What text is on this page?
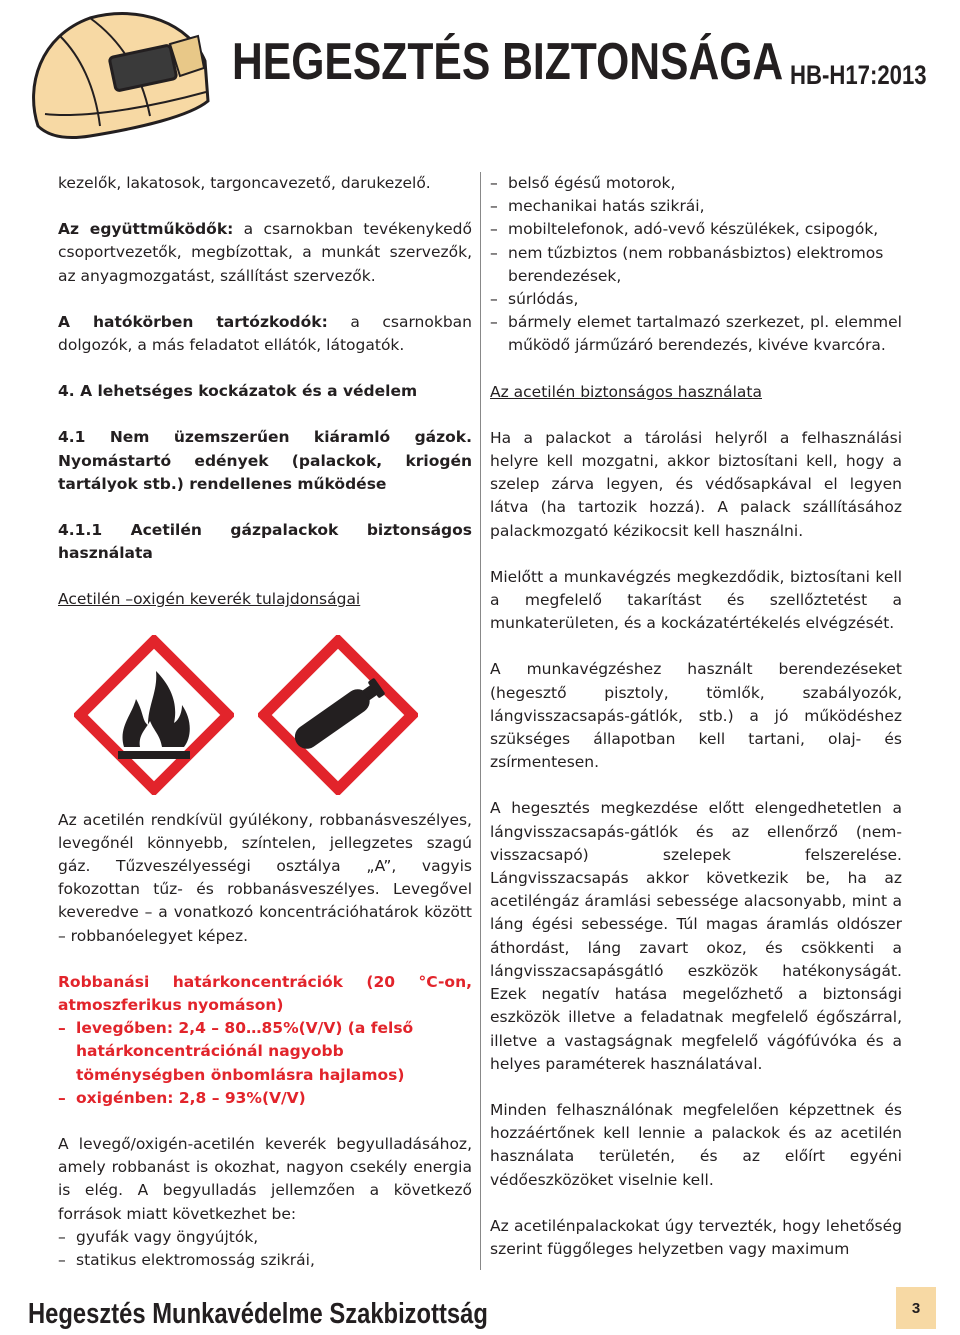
HEGESZTÉS BIZTONSÁGA HB-H17:2013

kezelők, lakatosok, targoncavezető, darukezelő.

Az együttműködők: a csarnokban tevékenykedő csoportvezetők, megbízottak, a munkát szervezők, az anyagmozgatást, szállítást szervezők.

A hatókörben tartózkodók: a csarnokban dolgozók, a más feladatot ellátók, látogatók.

4. A lehetséges kockázatok és a védelem

4.1 Nem üzemszerűen kiáramló gázok. Nyomástartó edények (palackok, kriogén tartályok stb.) rendellenes működése

4.1.1 Acetilén gázpalackok biztonságos használata

Acetilén –oxigén keverék tulajdonságai

Az acetilén rendkívül gyúlékony, robbanásveszélyes, levegőnél könnyebb, színtelen, jellegzetes szagú gáz. Tűzveszélyességi osztálya „A”, vagyis fokozottan tűz- és robbanásveszélyes. Levegővel keveredve – a vonatkozó koncentrációhatárok között – robbanóelegyet képez.

Robbanási határkoncentrációk (20 °C-on, atmoszferikus nyomáson)

– levegőben: 2,4 – 80…85%(V/V) (a felső határkoncentrációnál nagyobb töménységben önbomlásra hajlamos)
– oxigénben: 2,8 – 93%(V/V)

A levegő/oxigén-acetilén keverék begyulladásához, amely robbanást is okozhat, nagyon csekély energia is elég. A begyulladás jellemzően a következő források miatt következhet be:

– gyufák vagy öngyújtók,
– statikus elektromosság szikrái,
– belső égésű motorok,
– mechanikai hatás szikrái,
– mobiltelefonok, adó-vevő készülékek, csipogók,
– nem tűzbiztos (nem robbanásbiztos) elektromos berendezések,
– súrlódás,
– bármely elemet tartalmazó szerkezet, pl. elemmel működő járműzáró berendezés, kivéve kvarcóra.

Az acetilén biztonságos használata

Ha a palackot a tárolási helyről a felhasználási helyre kell mozgatni, akkor biztosítani kell, hogy a szelep zárva legyen, és védősapkával el legyen látva (ha tartozik hozzá). A palack szállításához palackmozgató kézikocsit kell használni.

Mielőtt a munkavégzés megkezdődik, biztosítani kell a megfelelő takarítást és szellőztetést a munkaterületen, és a kockázatértékelés elvégzését.

A munkavégzéshez használt berendezéseket (hegesztő pisztoly, tömlők, szabályozók, lángvisszacsapás-gátlók, stb.) a jó működéshez szükséges állapotban kell tartani, olaj- és zsírmentesen.

A hegesztés megkezdése előtt elengedhetetlen a lángvisszacsapás-gátlók és az ellenőrző (nem-visszacsapó) szelepek felszerelése. Lángvisszacsapás akkor következik be, ha az acetiléngáz áramlási sebessége alacsonyabb, mint a láng égési sebessége. Túl magas áramlás oldószer áthordást, láng zavart okoz, és csökkenti a lángvisszacsapásgátló eszközök hatékonyságát. Ezek negatív hatása megelőzhető a biztonsági eszközök illetve a feladatnak megfelelő égőszárral, illetve a vastagságnak megfelelő vágófúvóka és a helyes paraméterek használatával.

Minden felhasználónak megfelelően képzettnek és hozzáértőnek kell lennie a palackok és az acetilén használata területén, és az előírt egyéni védőeszközöket viselnie kell.

Az acetilénpalackokat úgy tervezték, hogy lehetőség szerint függőleges helyzetben vagy maximum

Hegesztés Munkavédelme Szakbizottság	3
